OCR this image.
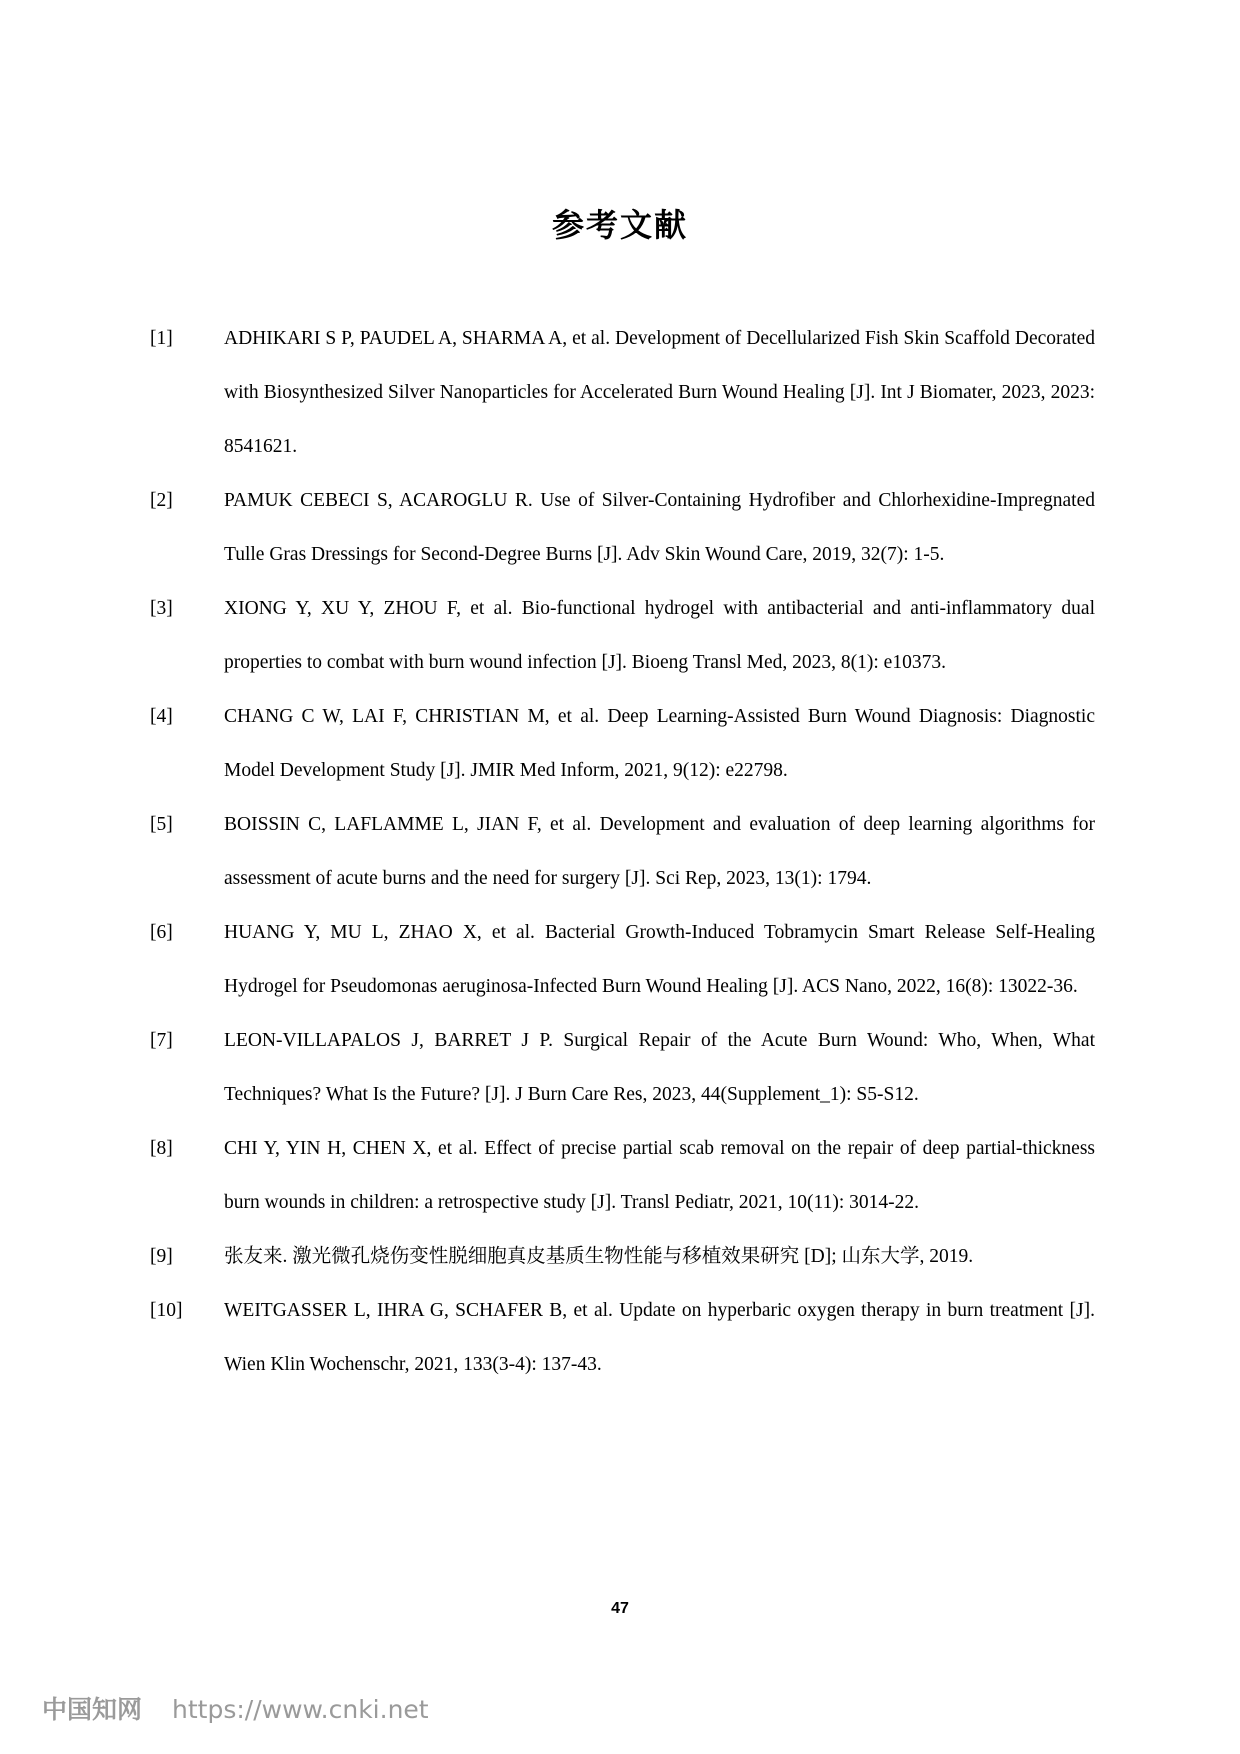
参考文献
[1]	ADHIKARI S P, PAUDEL A, SHARMA A, et al. Development of Decellularized Fish Skin Scaffold Decorated with Biosynthesized Silver Nanoparticles for Accelerated Burn Wound Healing [J]. Int J Biomater, 2023, 2023: 8541621.
[2]	PAMUK CEBECI S, ACAROGLU R. Use of Silver-Containing Hydrofiber and Chlorhexidine-Impregnated Tulle Gras Dressings for Second-Degree Burns [J]. Adv Skin Wound Care, 2019, 32(7): 1-5.
[3]	XIONG Y, XU Y, ZHOU F, et al. Bio-functional hydrogel with antibacterial and anti-inflammatory dual properties to combat with burn wound infection [J]. Bioeng Transl Med, 2023, 8(1): e10373.
[4]	CHANG C W, LAI F, CHRISTIAN M, et al. Deep Learning-Assisted Burn Wound Diagnosis: Diagnostic Model Development Study [J]. JMIR Med Inform, 2021, 9(12): e22798.
[5]	BOISSIN C, LAFLAMME L, JIAN F, et al. Development and evaluation of deep learning algorithms for assessment of acute burns and the need for surgery [J]. Sci Rep, 2023, 13(1): 1794.
[6]	HUANG Y, MU L, ZHAO X, et al. Bacterial Growth-Induced Tobramycin Smart Release Self-Healing Hydrogel for Pseudomonas aeruginosa-Infected Burn Wound Healing [J]. ACS Nano, 2022, 16(8): 13022-36.
[7]	LEON-VILLAPALOS J, BARRET J P. Surgical Repair of the Acute Burn Wound: Who, When, What Techniques? What Is the Future? [J]. J Burn Care Res, 2023, 44(Supplement_1): S5-S12.
[8]	CHI Y, YIN H, CHEN X, et al. Effect of precise partial scab removal on the repair of deep partial-thickness burn wounds in children: a retrospective study [J]. Transl Pediatr, 2021, 10(11): 3014-22.
[9]	张友来. 激光微孔烧伤变性脱细胞真皮基质生物性能与移植效果研究 [D]; 山东大学, 2019.
[10]	WEITGASSER L, IHRA G, SCHAFER B, et al. Update on hyperbaric oxygen therapy in burn treatment [J]. Wien Klin Wochenschr, 2021, 133(3-4): 137-43.
47
中国知网 https://www.cnki.net
